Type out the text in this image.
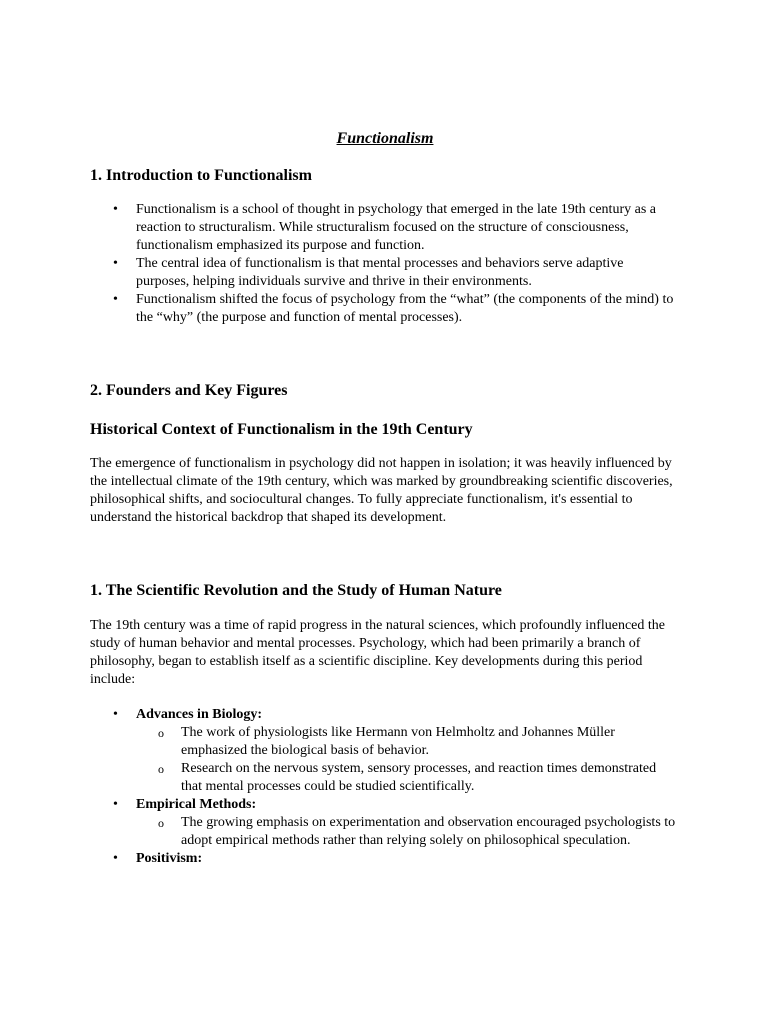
Functionalism
1. Introduction to Functionalism
• Functionalism is a school of thought in psychology that emerged in the late 19th century as a reaction to structuralism. While structuralism focused on the structure of consciousness, functionalism emphasized its purpose and function.
• The central idea of functionalism is that mental processes and behaviors serve adaptive purposes, helping individuals survive and thrive in their environments.
• Functionalism shifted the focus of psychology from the “what” (the components of the mind) to the “why” (the purpose and function of mental processes).
2. Founders and Key Figures
Historical Context of Functionalism in the 19th Century

The emergence of functionalism in psychology did not happen in isolation; it was heavily influenced by the intellectual climate of the 19th century, which was marked by groundbreaking scientific discoveries, philosophical shifts, and sociocultural changes. To fully appreciate functionalism, it's essential to understand the historical backdrop that shaped its development.

1. The Scientific Revolution and the Study of Human Nature

The 19th century was a time of rapid progress in the natural sciences, which profoundly influenced the study of human behavior and mental processes. Psychology, which had been primarily a branch of philosophy, began to establish itself as a scientific discipline. Key developments during this period include:

• Advances in Biology:
o The work of physiologists like Hermann von Helmholtz and Johannes Müller emphasized the biological basis of behavior.
o Research on the nervous system, sensory processes, and reaction times demonstrated that mental processes could be studied scientifically.
• Empirical Methods:
o The growing emphasis on experimentation and observation encouraged psychologists to adopt empirical methods rather than relying solely on philosophical speculation.
• Positivism:
